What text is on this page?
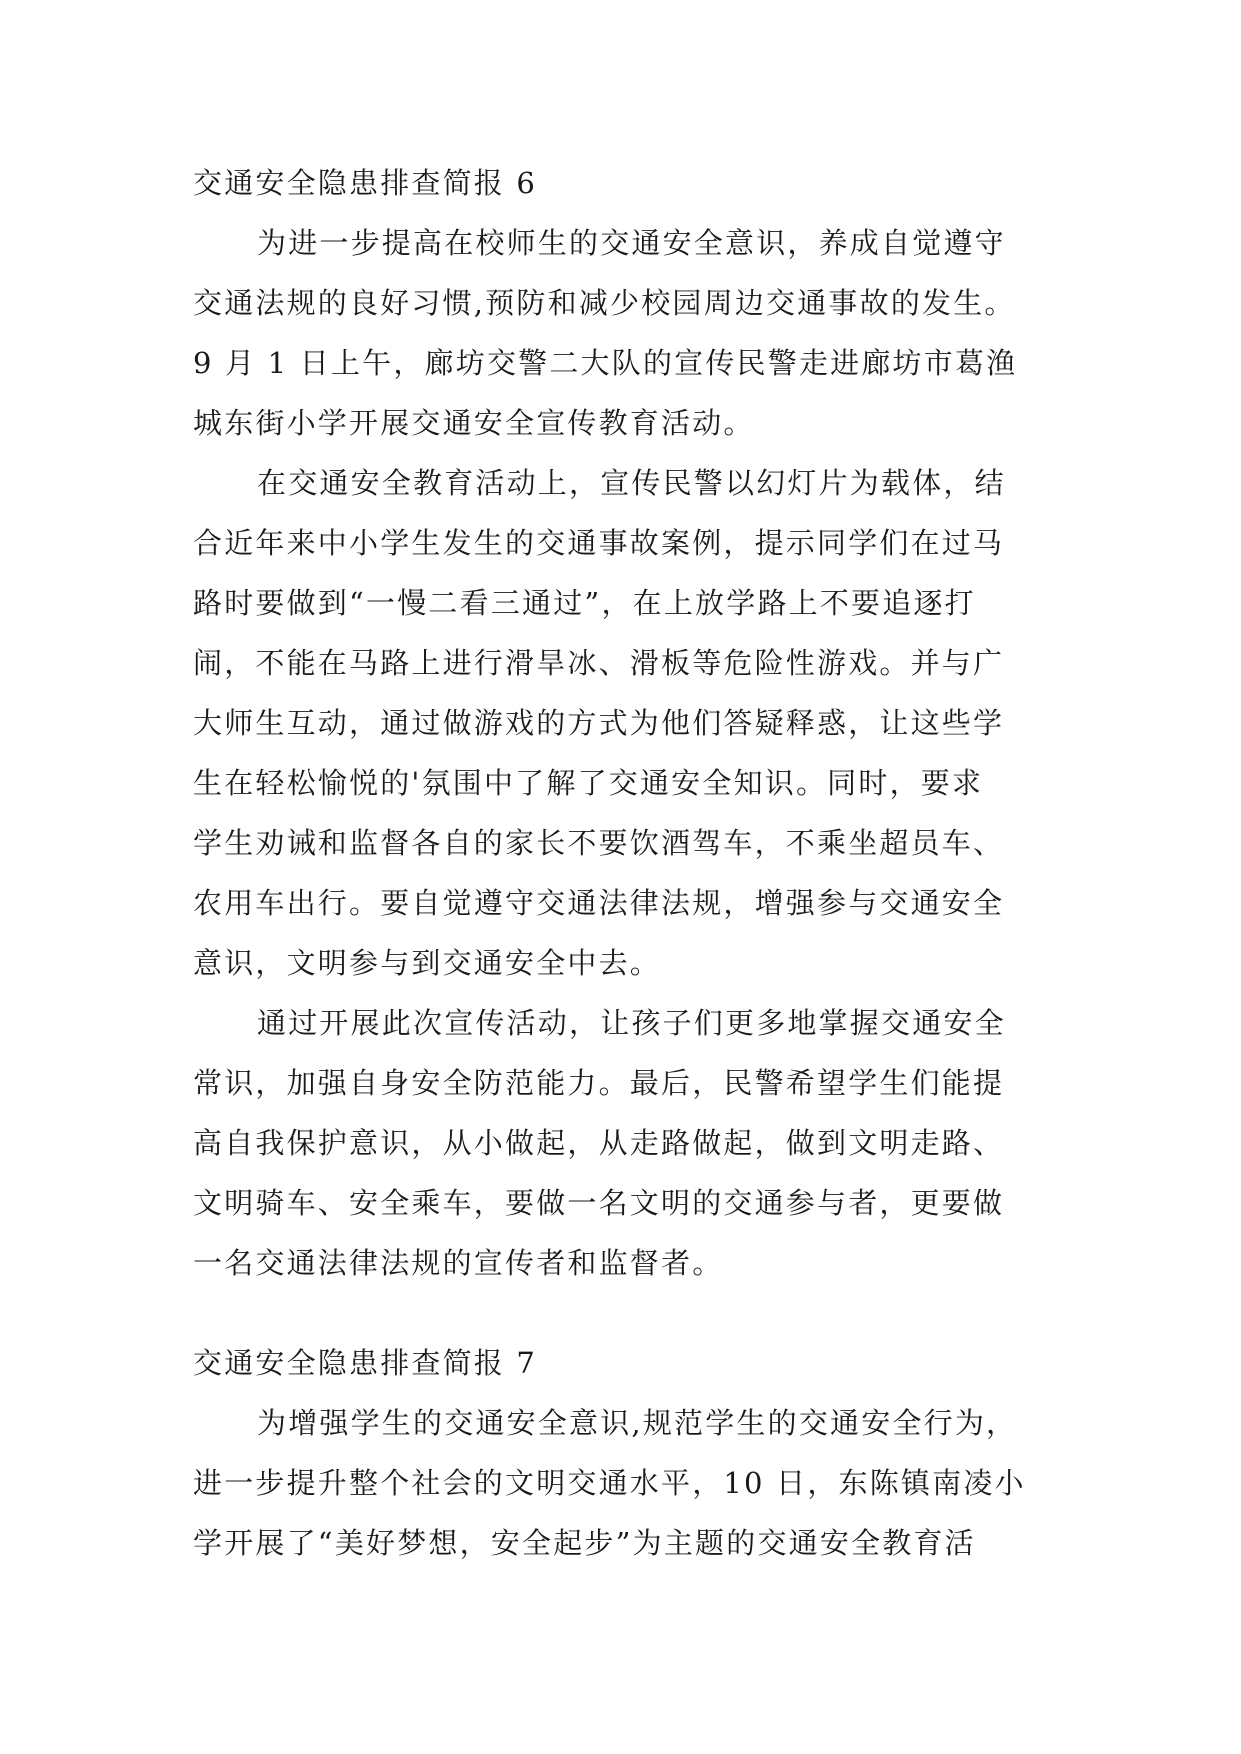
交通安全隐患排查简报 6
为进一步提高在校师生的交通安全意识，养成自觉遵守
交通法规的良好习惯,预防和减少校园周边交通事故的发生。
9 月 1 日上午，廊坊交警二大队的宣传民警走进廊坊市葛渔
城东街小学开展交通安全宣传教育活动。
在交通安全教育活动上，宣传民警以幻灯片为载体，结
合近年来中小学生发生的交通事故案例，提示同学们在过马
路时要做到“一慢二看三通过”，在上放学路上不要追逐打
闹，不能在马路上进行滑旱冰、滑板等危险性游戏。并与广
大师生互动，通过做游戏的方式为他们答疑释惑，让这些学
生在轻松愉悦的'氛围中了解了交通安全知识。同时，要求
学生劝诫和监督各自的家长不要饮酒驾车，不乘坐超员车、
农用车出行。要自觉遵守交通法律法规，增强参与交通安全
意识，文明参与到交通安全中去。
通过开展此次宣传活动，让孩子们更多地掌握交通安全
常识，加强自身安全防范能力。最后，民警希望学生们能提
高自我保护意识，从小做起，从走路做起，做到文明走路、
文明骑车、安全乘车，要做一名文明的交通参与者，更要做
一名交通法律法规的宣传者和监督者。
交通安全隐患排查简报 7
为增强学生的交通安全意识,规范学生的交通安全行为，
进一步提升整个社会的文明交通水平，10 日，东陈镇南凌小
学开展了“美好梦想，安全起步”为主题的交通安全教育活
